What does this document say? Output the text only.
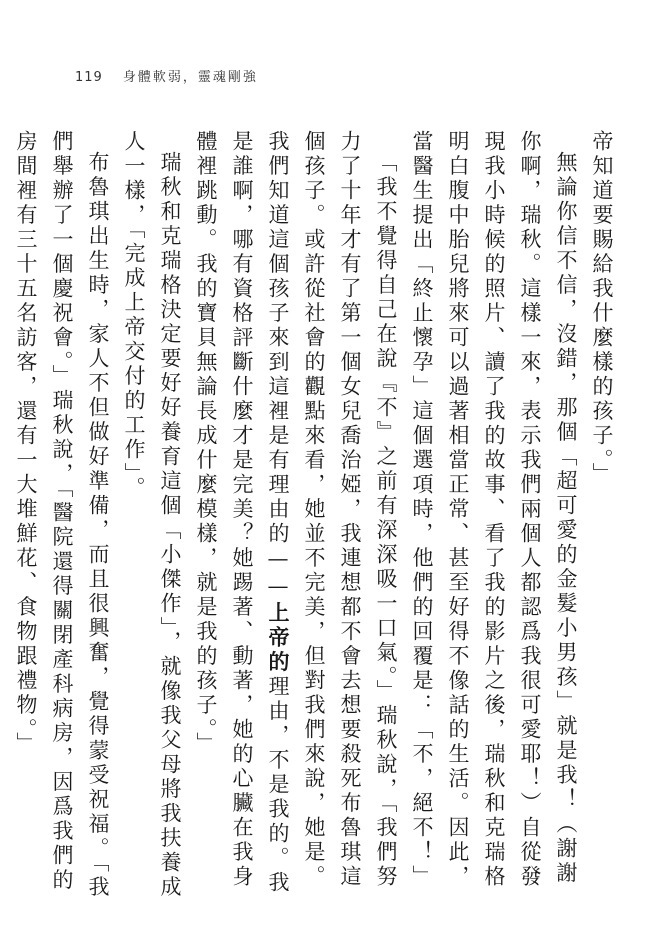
119 身體軟弱，靈魂剛強

帝知道要賜給我什麼樣的孩子。」

無論你信不信，沒錯，那個「超可愛的金髮小男孩」就是我！（謝謝你啊，瑞秋。這樣一來，表示我們兩個人都認爲我很可愛耶！）自從發現我小時候的照片、讀了我的故事、看了我的影片之後，瑞秋和克瑞格明白腹中胎兒將來可以過著相當正常、甚至好得不像話的生活。因此，當醫生提出「終止懷孕」這個選項時，他們的回覆是：「不，絕不！」

「我不覺得自己在說『不』之前有深深吸一口氣。」瑞秋說，「我們努力了十年才有了第一個女兒喬治婭，我連想都不會去想要殺死布魯琪這個孩子。或許從社會的觀點來看，她並不完美，但對我們來說，她是。我們知道這個孩子來到這裡是有理由的——上帝的理由，不是我的。我是誰啊，哪有資格評斷什麼才是完美？她踢著、動著，她的心臟在我身體裡跳動。我的寶貝無論長成什麼模樣，就是我的孩子。」

瑞秋和克瑞格決定要好好養育這個「小傑作」，就像我父母將我扶養成人一樣，「完成上帝交付的工作」。

布魯琪出生時，家人不但做好準備，而且很興奮，覺得蒙受祝福。「我們舉辦了一個慶祝會。」瑞秋說，「醫院還得關閉產科病房，因爲我們的房間裡有三十五名訪客，還有一大堆鮮花、食物跟禮物。」
